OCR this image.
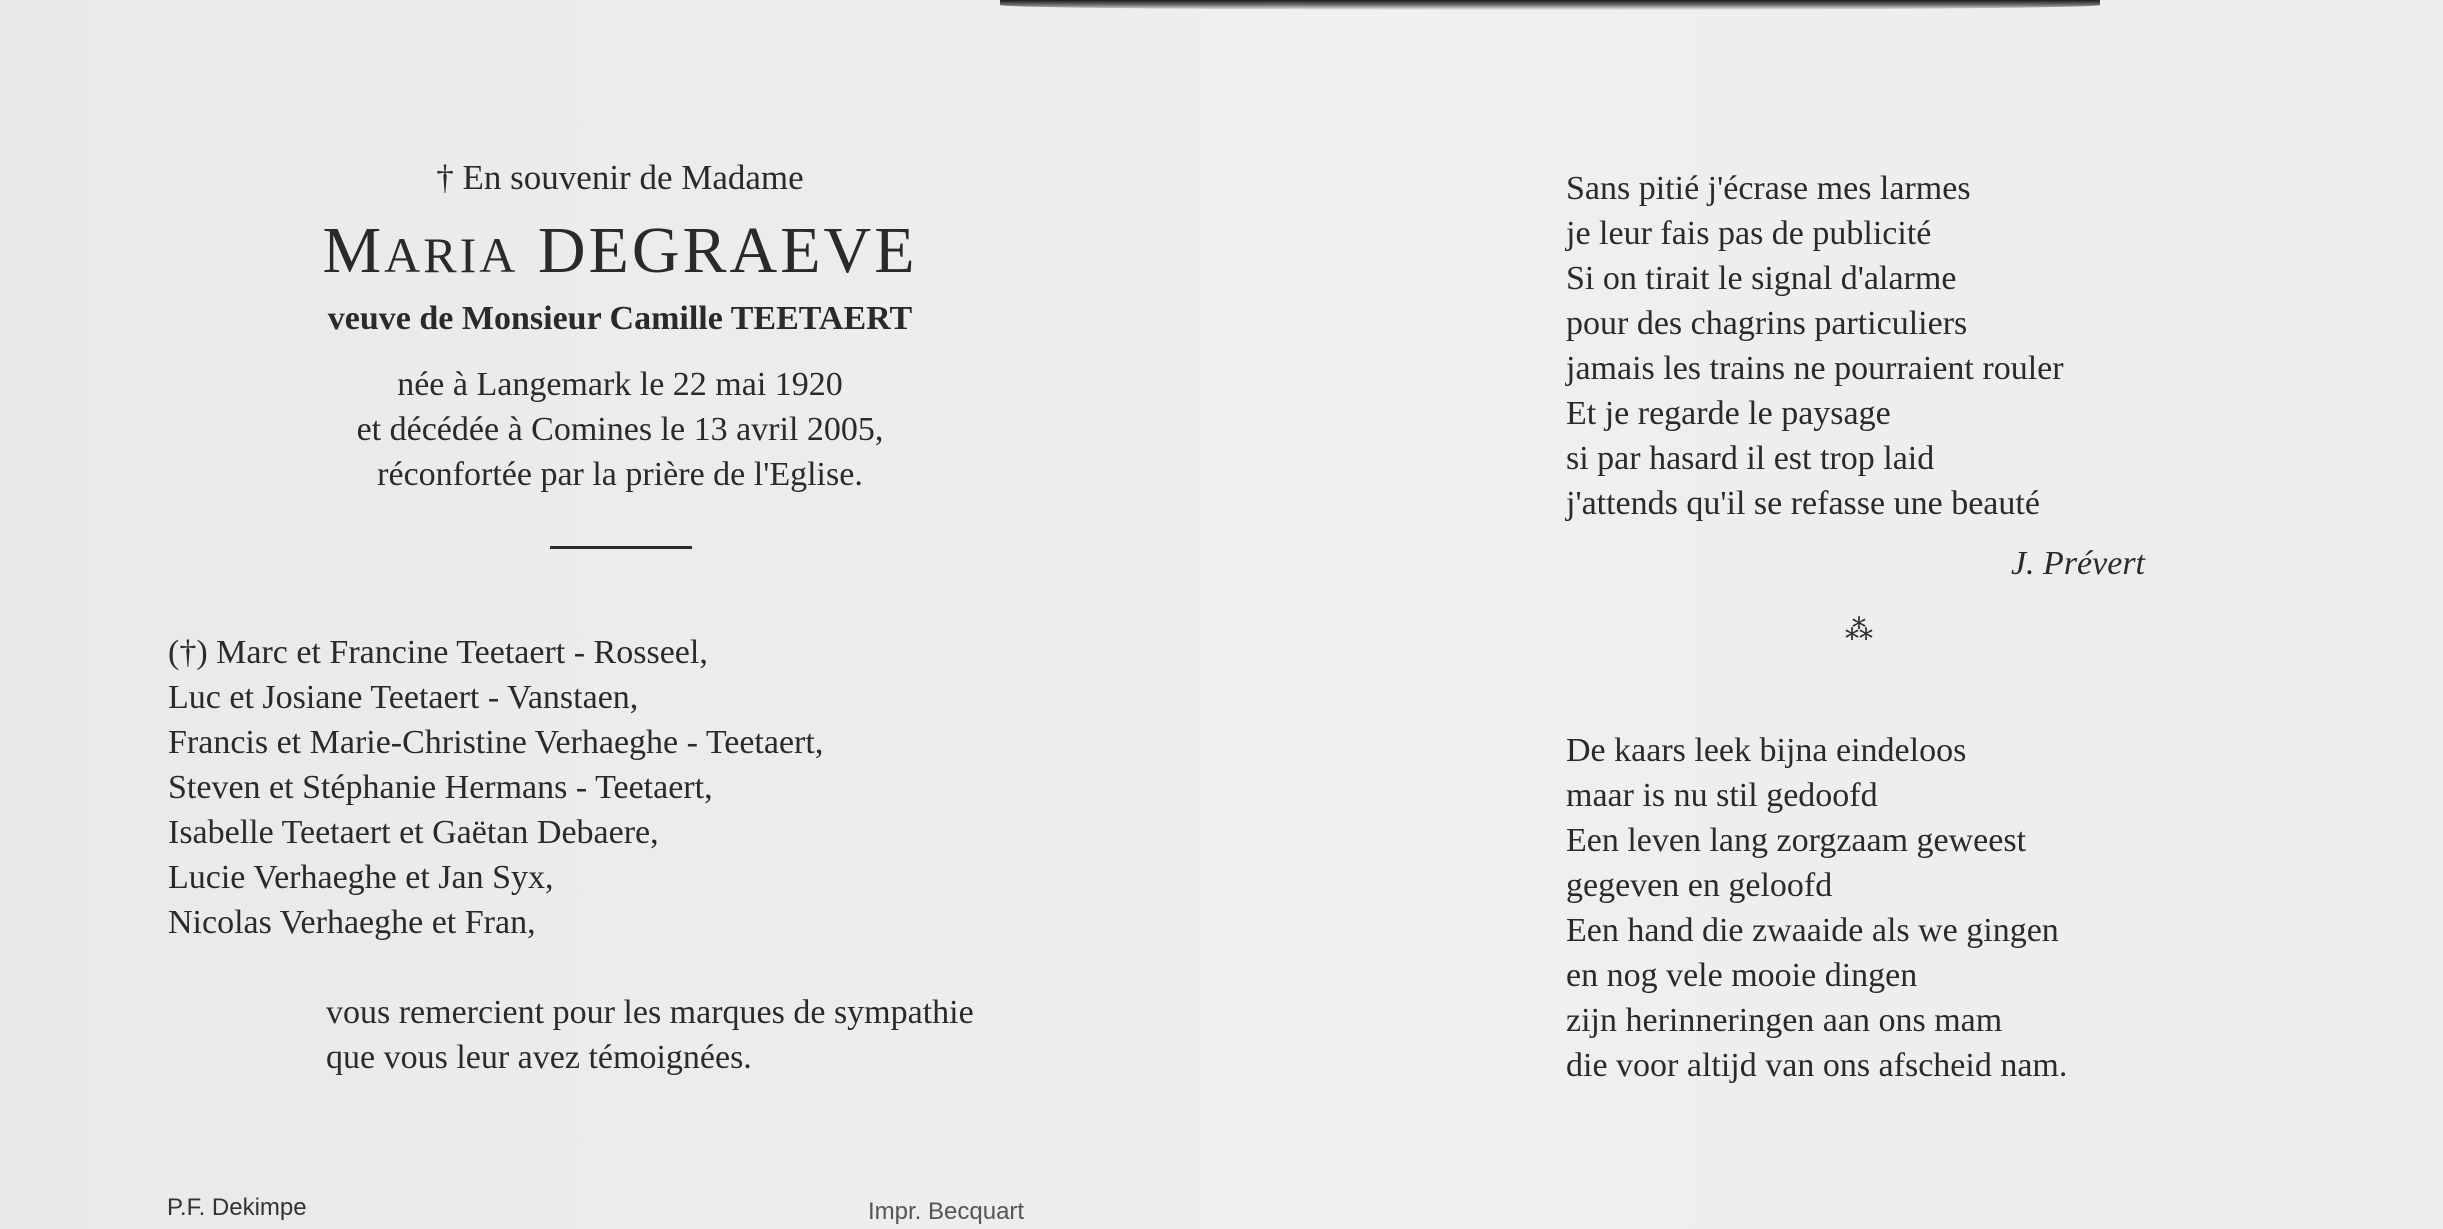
† En souvenir de Madame
MARIA DEGRAEVE
veuve de Monsieur Camille TEETAERT
née à Langemark le 22 mai 1920
et décédée à Comines le 13 avril 2005,
réconfortée par la prière de l'Eglise.
(†) Marc et Francine Teetaert - Rosseel,
Luc et Josiane Teetaert - Vanstaen,
Francis et Marie-Christine Verhaeghe - Teetaert,
Steven et Stéphanie Hermans - Teetaert,
Isabelle Teetaert et Gaëtan Debaere,
Lucie Verhaeghe et Jan Syx,
Nicolas Verhaeghe et Fran,
vous remercient pour les marques de sympathie
que vous leur avez témoignées.
Sans pitié j'écrase mes larmes
je leur fais pas de publicité
Si on tirait le signal d'alarme
pour des chagrins particuliers
jamais les trains ne pourraient rouler
Et je regarde le paysage
si par hasard il est trop laid
j'attends qu'il se refasse une beauté
J. Prévert
⁂
De kaars leek bijna eindeloos
maar is nu stil gedoofd
Een leven lang zorgzaam geweest
gegeven en geloofd
Een hand die zwaaide als we gingen
en nog vele mooie dingen
zijn herinneringen aan ons mam
die voor altijd van ons afscheid nam.
P.F. Dekimpe	Impr. Becquart
